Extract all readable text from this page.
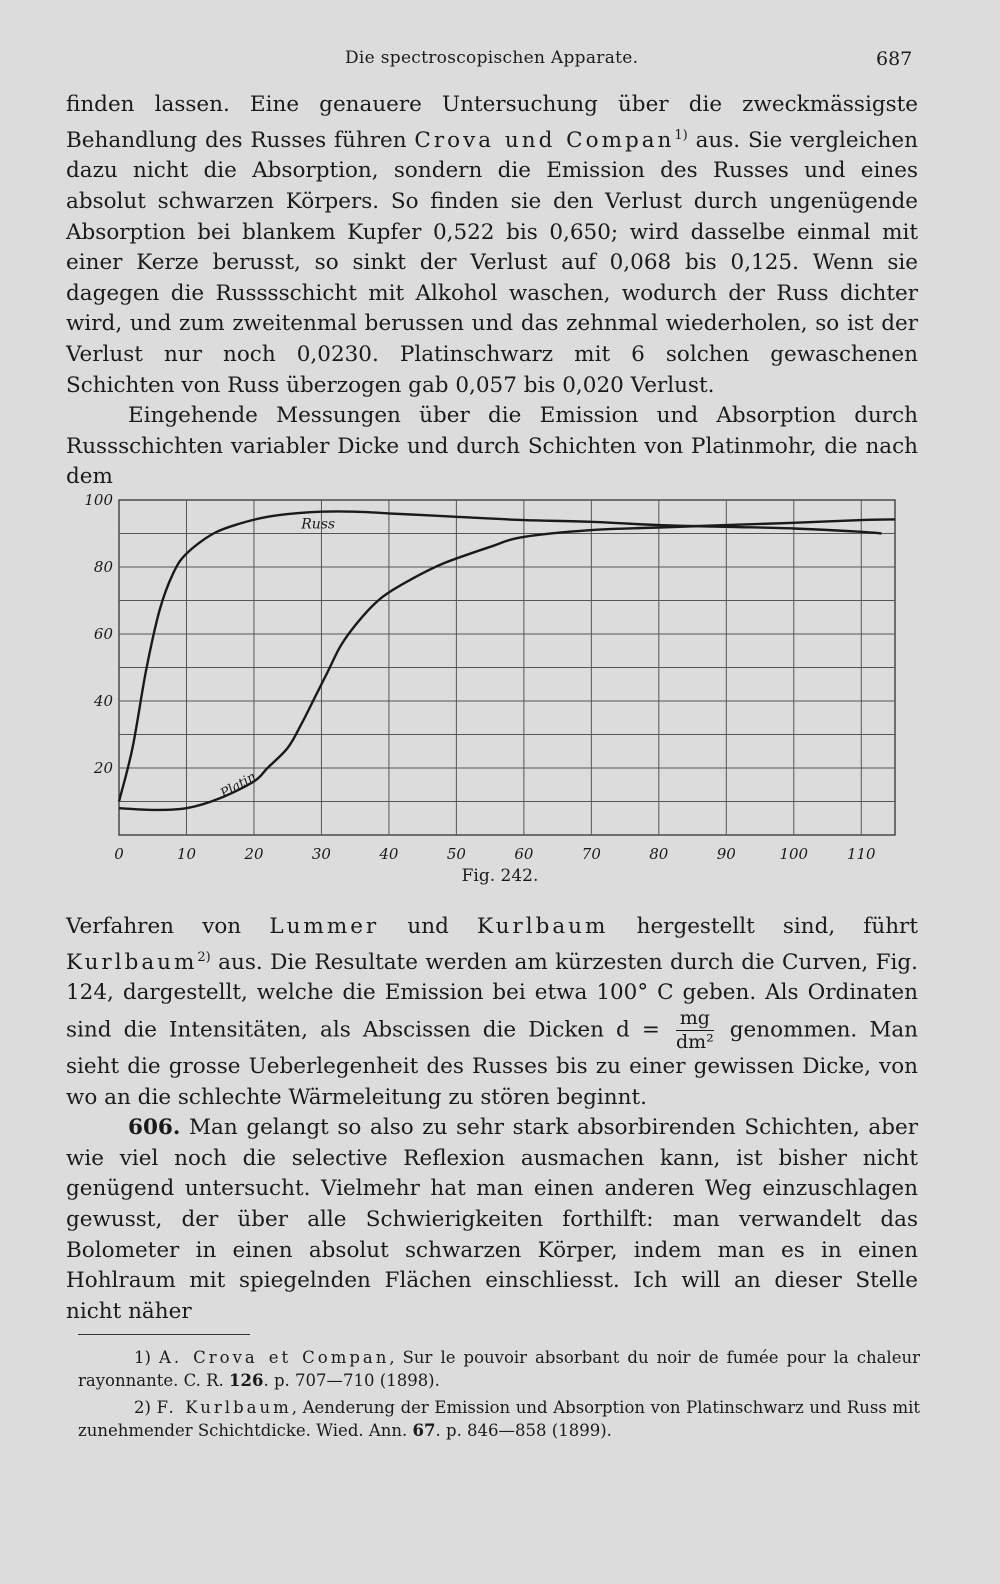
Die spectroscopischen Apparate.	687

finden lassen. Eine genauere Untersuchung über die zweckmässigste Behandlung des Russes führen Crova und Compan$^{1)}$ aus. Sie vergleichen dazu nicht die Absorption, sondern die Emission des Russes und eines absolut schwarzen Körpers. So finden sie den Verlust durch ungenügende Absorption bei blankem Kupfer 0,522 bis 0,650; wird dasselbe einmal mit einer Kerze berusst, so sinkt der Verlust auf 0,068 bis 0,125. Wenn sie dagegen die Russsschicht mit Alkohol waschen, wodurch der Russ dichter wird, und zum zweitenmal berussen und das zehnmal wiederholen, so ist der Verlust nur noch 0,0230. Platinschwarz mit 6 solchen gewaschenen Schichten von Russ überzogen gab 0,057 bis 0,020 Verlust.

Eingehende Messungen über die Emission und Absorption durch Russschichten variabler Dicke und durch Schichten von Platinmohr, die nach dem

0	10	20	30	40	50	60	70	80	90	100	110
100
80
60
40
20
Russ
Platin
Fig. 242.

Verfahren von Lummer und Kurlbaum hergestellt sind, führt Kurlbaum$^{2)}$ aus. Die Resultate werden am kürzesten durch die Curven, Fig. 124, dargestellt, welche die Emission bei etwa 100° C geben. Als Ordinaten sind die Intensitäten, als Abscissen die Dicken $d = \frac{mg}{\text{dm²}}$ genommen. Man sieht die grosse Ueberlegenheit des Russes bis zu einer gewissen Dicke, von wo an die schlechte Wärmeleitung zu stören beginnt.

606. Man gelangt so also zu sehr stark absorbirenden Schichten, aber wie viel noch die selective Reflexion ausmachen kann, ist bisher nicht genügend untersucht. Vielmehr hat man einen anderen Weg einzuschlagen gewusst, der über alle Schwierigkeiten forthilft: man verwandelt das Bolometer in einen absolut schwarzen Körper, indem man es in einen Hohlraum mit spiegelnden Flächen einschliesst. Ich will an dieser Stelle nicht näher

1) A. Crova et Compan, Sur le pouvoir absorbant du noir de fumée pour la chaleur rayonnante. C. R. 126. p. 707—710 (1898).

2) F. Kurlbaum, Aenderung der Emission und Absorption von Platinschwarz und Russ mit zunehmender Schichtdicke. Wied. Ann. 67. p. 846—858 (1899).
